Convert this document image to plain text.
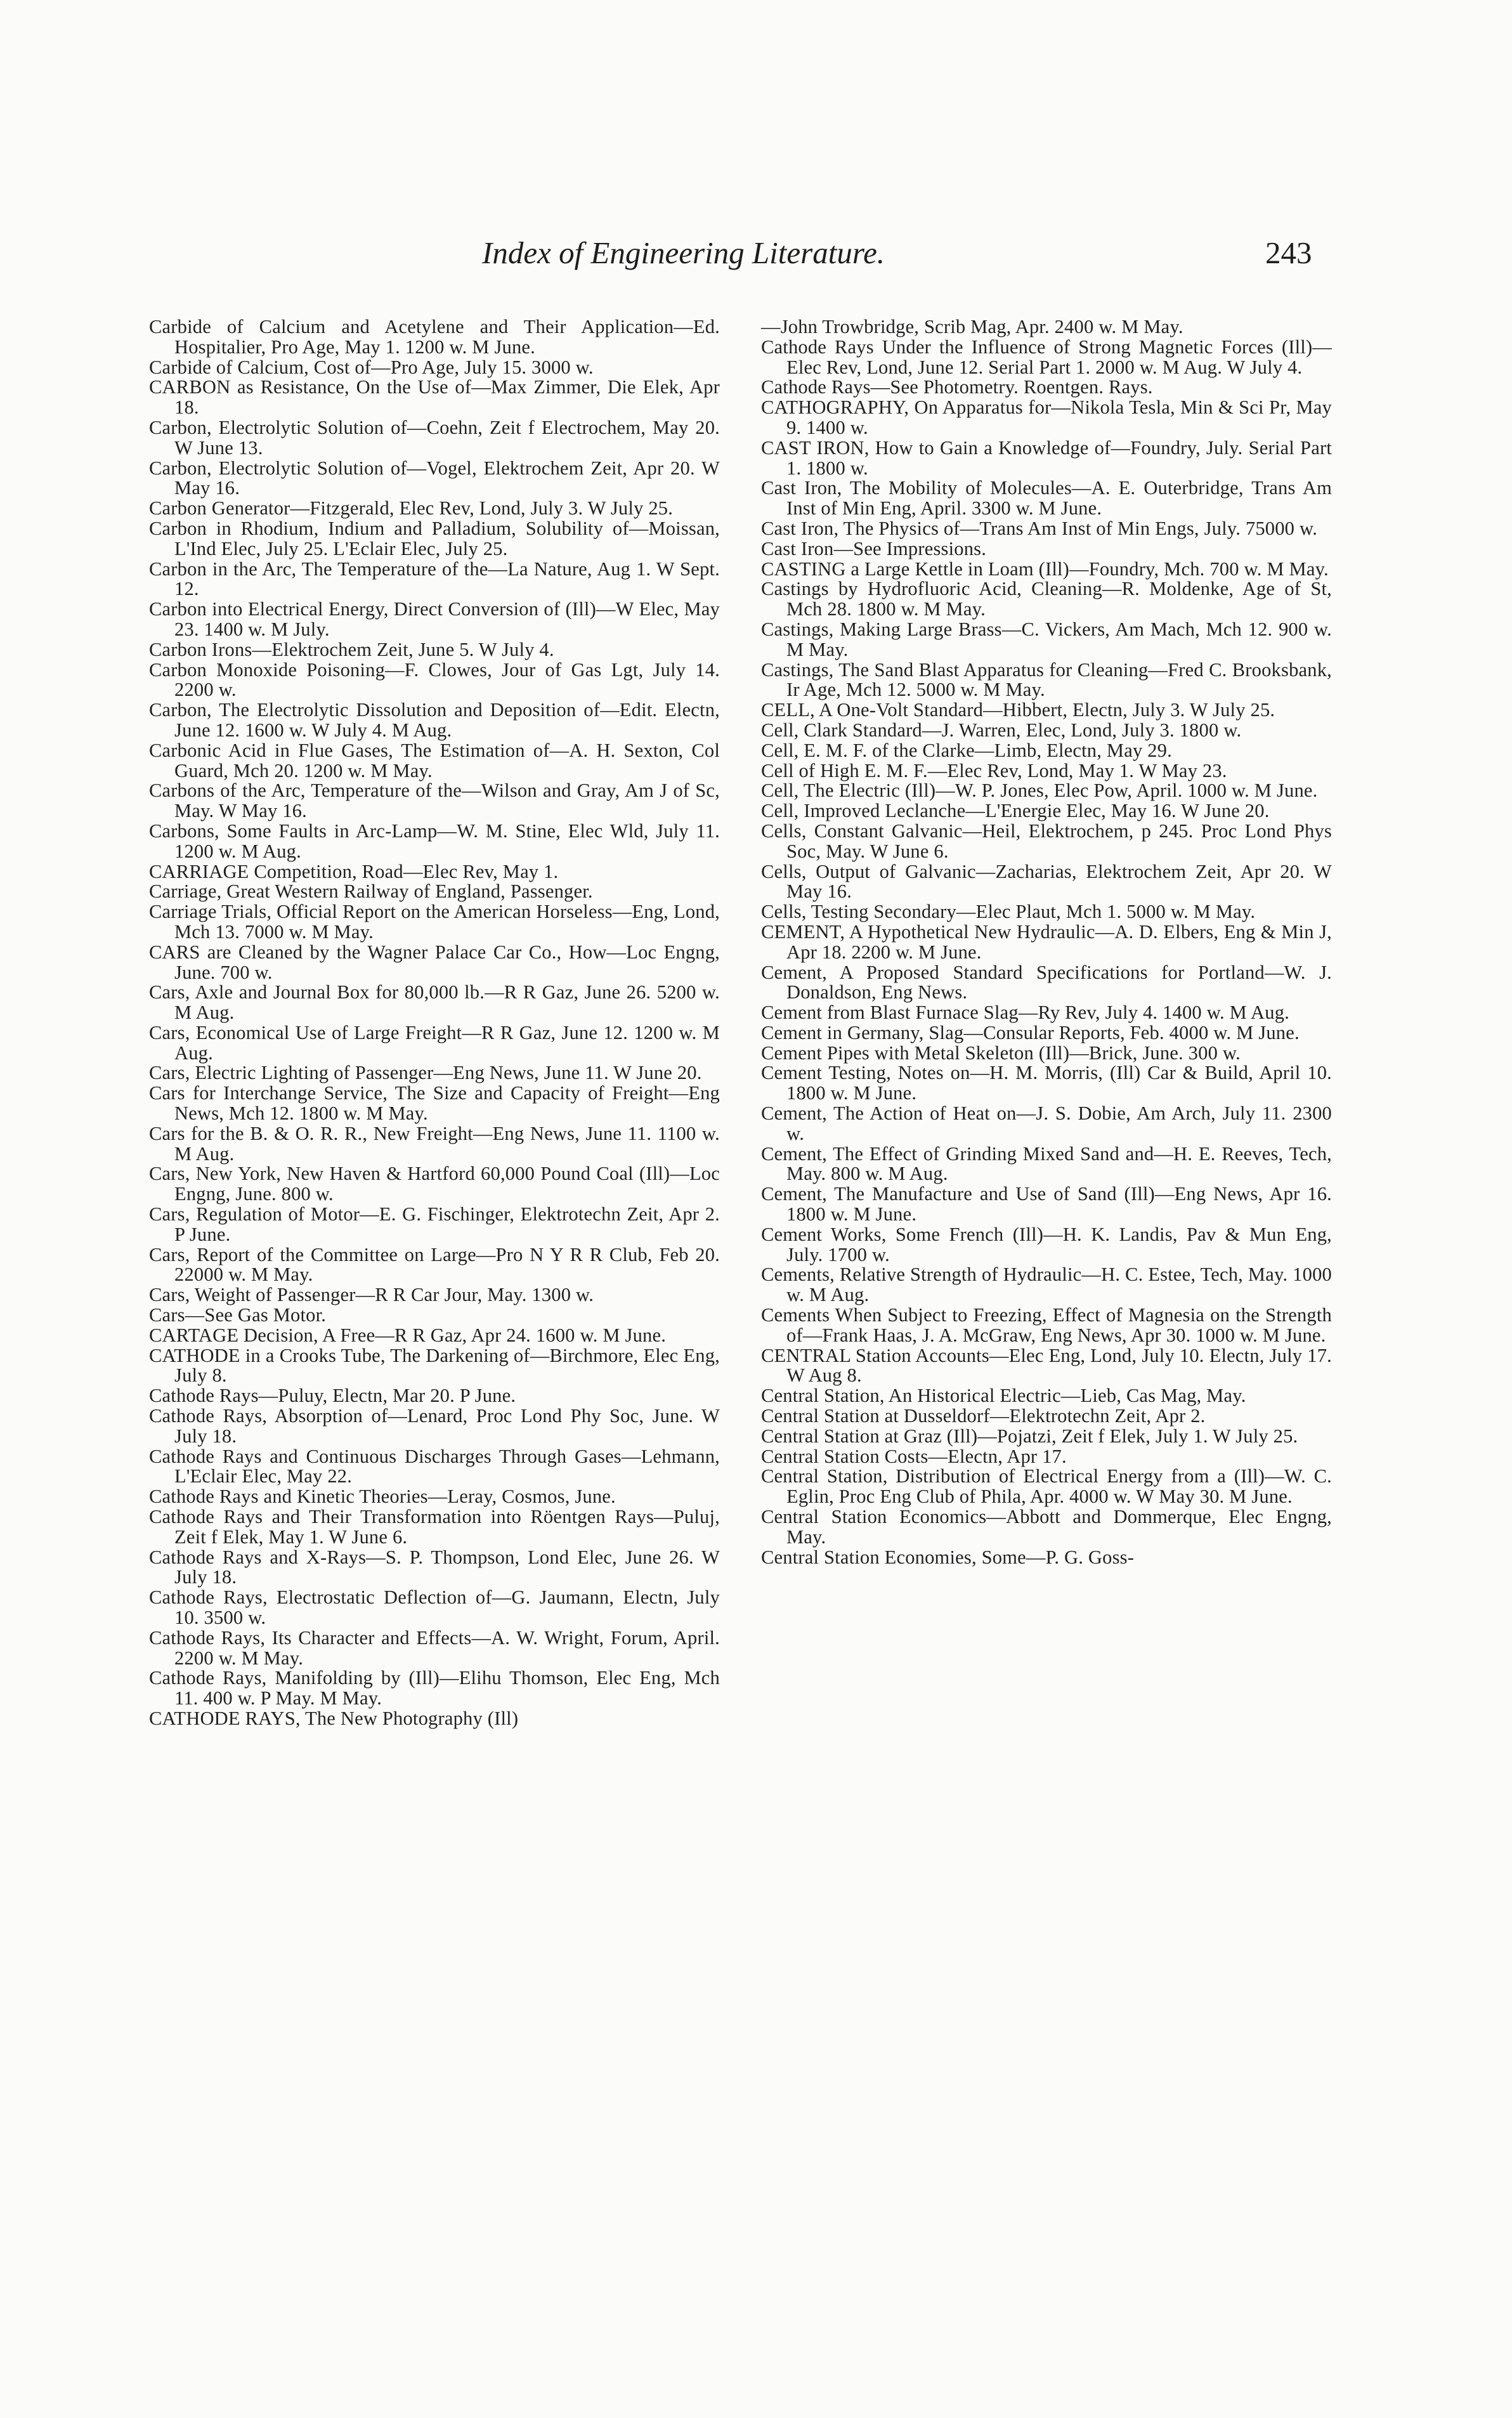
Index of Engineering Literature.	243

Carbide of Calcium and Acetylene and Their Application—Ed. Hospitalier, Pro Age, May 1. 1200 w. M June.

Carbide of Calcium, Cost of—Pro Age, July 15. 3000 w.

CARBON as Resistance, On the Use of—Max Zimmer, Die Elek, Apr 18.

Carbon, Electrolytic Solution of—Coehn, Zeit f Electrochem, May 20. W June 13.

Carbon, Electrolytic Solution of—Vogel, Elektrochem Zeit, Apr 20. W May 16.

Carbon Generator—Fitzgerald, Elec Rev, Lond, July 3. W July 25.

Carbon in Rhodium, Indium and Palladium, Solubility of—Moissan, L'Ind Elec, July 25. L'Eclair Elec, July 25.

Carbon in the Arc, The Temperature of the—La Nature, Aug 1. W Sept. 12.

Carbon into Electrical Energy, Direct Conversion of (Ill)—W Elec, May 23. 1400 w. M July.

Carbon Irons—Elektrochem Zeit, June 5. W July 4.

Carbon Monoxide Poisoning—F. Clowes, Jour of Gas Lgt, July 14. 2200 w.

Carbon, The Electrolytic Dissolution and Deposition of—Edit. Electn, June 12. 1600 w. W July 4. M Aug.

Carbonic Acid in Flue Gases, The Estimation of—A. H. Sexton, Col Guard, Mch 20. 1200 w. M May.

Carbons of the Arc, Temperature of the—Wilson and Gray, Am J of Sc, May. W May 16.

Carbons, Some Faults in Arc-Lamp—W. M. Stine, Elec Wld, July 11. 1200 w. M Aug.

CARRIAGE Competition, Road—Elec Rev, May 1.

Carriage, Great Western Railway of England, Passenger.

Carriage Trials, Official Report on the American Horseless—Eng, Lond, Mch 13. 7000 w. M May.

CARS are Cleaned by the Wagner Palace Car Co., How—Loc Engng, June. 700 w.

Cars, Axle and Journal Box for 80,000 lb.—R R Gaz, June 26. 5200 w. M Aug.

Cars, Economical Use of Large Freight—R R Gaz, June 12. 1200 w. M Aug.

Cars, Electric Lighting of Passenger—Eng News, June 11. W June 20.

Cars for Interchange Service, The Size and Capacity of Freight—Eng News, Mch 12. 1800 w. M May.

Cars for the B. & O. R. R., New Freight—Eng News, June 11. 1100 w. M Aug.

Cars, New York, New Haven & Hartford 60,000 Pound Coal (Ill)—Loc Engng, June. 800 w.

Cars, Regulation of Motor—E. G. Fischinger, Elektrotechn Zeit, Apr 2. P June.

Cars, Report of the Committee on Large—Pro N Y R R Club, Feb 20. 22000 w. M May.

Cars, Weight of Passenger—R R Car Jour, May. 1300 w.

Cars—See Gas Motor.

CARTAGE Decision, A Free—R R Gaz, Apr 24. 1600 w. M June.

CATHODE in a Crooks Tube, The Darkening of—Birchmore, Elec Eng, July 8.

Cathode Rays—Puluy, Electn, Mar 20. P June.

Cathode Rays, Absorption of—Lenard, Proc Lond Phy Soc, June. W July 18.

Cathode Rays and Continuous Discharges Through Gases—Lehmann, L'Eclair Elec, May 22.

Cathode Rays and Kinetic Theories—Leray, Cosmos, June.

Cathode Rays and Their Transformation into Röentgen Rays—Puluj, Zeit f Elek, May 1. W June 6.

Cathode Rays and X-Rays—S. P. Thompson, Lond Elec, June 26. W July 18.

Cathode Rays, Electrostatic Deflection of—G. Jaumann, Electn, July 10. 3500 w.

Cathode Rays, Its Character and Effects—A. W. Wright, Forum, April. 2200 w. M May.

Cathode Rays, Manifolding by (Ill)—Elihu Thomson, Elec Eng, Mch 11. 400 w. P May. M May.

CATHODE RAYS, The New Photography (Ill)

—John Trowbridge, Scrib Mag, Apr. 2400 w. M May.

Cathode Rays Under the Influence of Strong Magnetic Forces (Ill)—Elec Rev, Lond, June 12. Serial Part 1. 2000 w. M Aug. W July 4.

Cathode Rays—See Photometry. Roentgen. Rays.

CATHOGRAPHY, On Apparatus for—Nikola Tesla, Min & Sci Pr, May 9. 1400 w.

CAST IRON, How to Gain a Knowledge of—Foundry, July. Serial Part 1. 1800 w.

Cast Iron, The Mobility of Molecules—A. E. Outerbridge, Trans Am Inst of Min Eng, April. 3300 w. M June.

Cast Iron, The Physics of—Trans Am Inst of Min Engs, July. 75000 w.

Cast Iron—See Impressions.

CASTING a Large Kettle in Loam (Ill)—Foundry, Mch. 700 w. M May.

Castings by Hydrofluoric Acid, Cleaning—R. Moldenke, Age of St, Mch 28. 1800 w. M May.

Castings, Making Large Brass—C. Vickers, Am Mach, Mch 12. 900 w. M May.

Castings, The Sand Blast Apparatus for Cleaning—Fred C. Brooksbank, Ir Age, Mch 12. 5000 w. M May.

CELL, A One-Volt Standard—Hibbert, Electn, July 3. W July 25.

Cell, Clark Standard—J. Warren, Elec, Lond, July 3. 1800 w.

Cell, E. M. F. of the Clarke—Limb, Electn, May 29.

Cell of High E. M. F.—Elec Rev, Lond, May 1. W May 23.

Cell, The Electric (Ill)—W. P. Jones, Elec Pow, April. 1000 w. M June.

Cell, Improved Leclanche—L'Energie Elec, May 16. W June 20.

Cells, Constant Galvanic—Heil, Elektrochem, p 245. Proc Lond Phys Soc, May. W June 6.

Cells, Output of Galvanic—Zacharias, Elektrochem Zeit, Apr 20. W May 16.

Cells, Testing Secondary—Elec Plaut, Mch 1. 5000 w. M May.

CEMENT, A Hypothetical New Hydraulic—A. D. Elbers, Eng & Min J, Apr 18. 2200 w. M June.

Cement, A Proposed Standard Specifications for Portland—W. J. Donaldson, Eng News.

Cement from Blast Furnace Slag—Ry Rev, July 4. 1400 w. M Aug.

Cement in Germany, Slag—Consular Reports, Feb. 4000 w. M June.

Cement Pipes with Metal Skeleton (Ill)—Brick, June. 300 w.

Cement Testing, Notes on—H. M. Morris, (Ill) Car & Build, April 10. 1800 w. M June.

Cement, The Action of Heat on—J. S. Dobie, Am Arch, July 11. 2300 w.

Cement, The Effect of Grinding Mixed Sand and—H. E. Reeves, Tech, May. 800 w. M Aug.

Cement, The Manufacture and Use of Sand (Ill)—Eng News, Apr 16. 1800 w. M June.

Cement Works, Some French (Ill)—H. K. Landis, Pav & Mun Eng, July. 1700 w.

Cements, Relative Strength of Hydraulic—H. C. Estee, Tech, May. 1000 w. M Aug.

Cements When Subject to Freezing, Effect of Magnesia on the Strength of—Frank Haas, J. A. McGraw, Eng News, Apr 30. 1000 w. M June.

CENTRAL Station Accounts—Elec Eng, Lond, July 10. Electn, July 17. W Aug 8.

Central Station, An Historical Electric—Lieb, Cas Mag, May.

Central Station at Dusseldorf—Elektrotechn Zeit, Apr 2.

Central Station at Graz (Ill)—Pojatzi, Zeit f Elek, July 1. W July 25.

Central Station Costs—Electn, Apr 17.

Central Station, Distribution of Electrical Energy from a (Ill)—W. C. Eglin, Proc Eng Club of Phila, Apr. 4000 w. W May 30. M June.

Central Station Economics—Abbott and Dommerque, Elec Engng, May.

Central Station Economies, Some—P. G. Goss-
